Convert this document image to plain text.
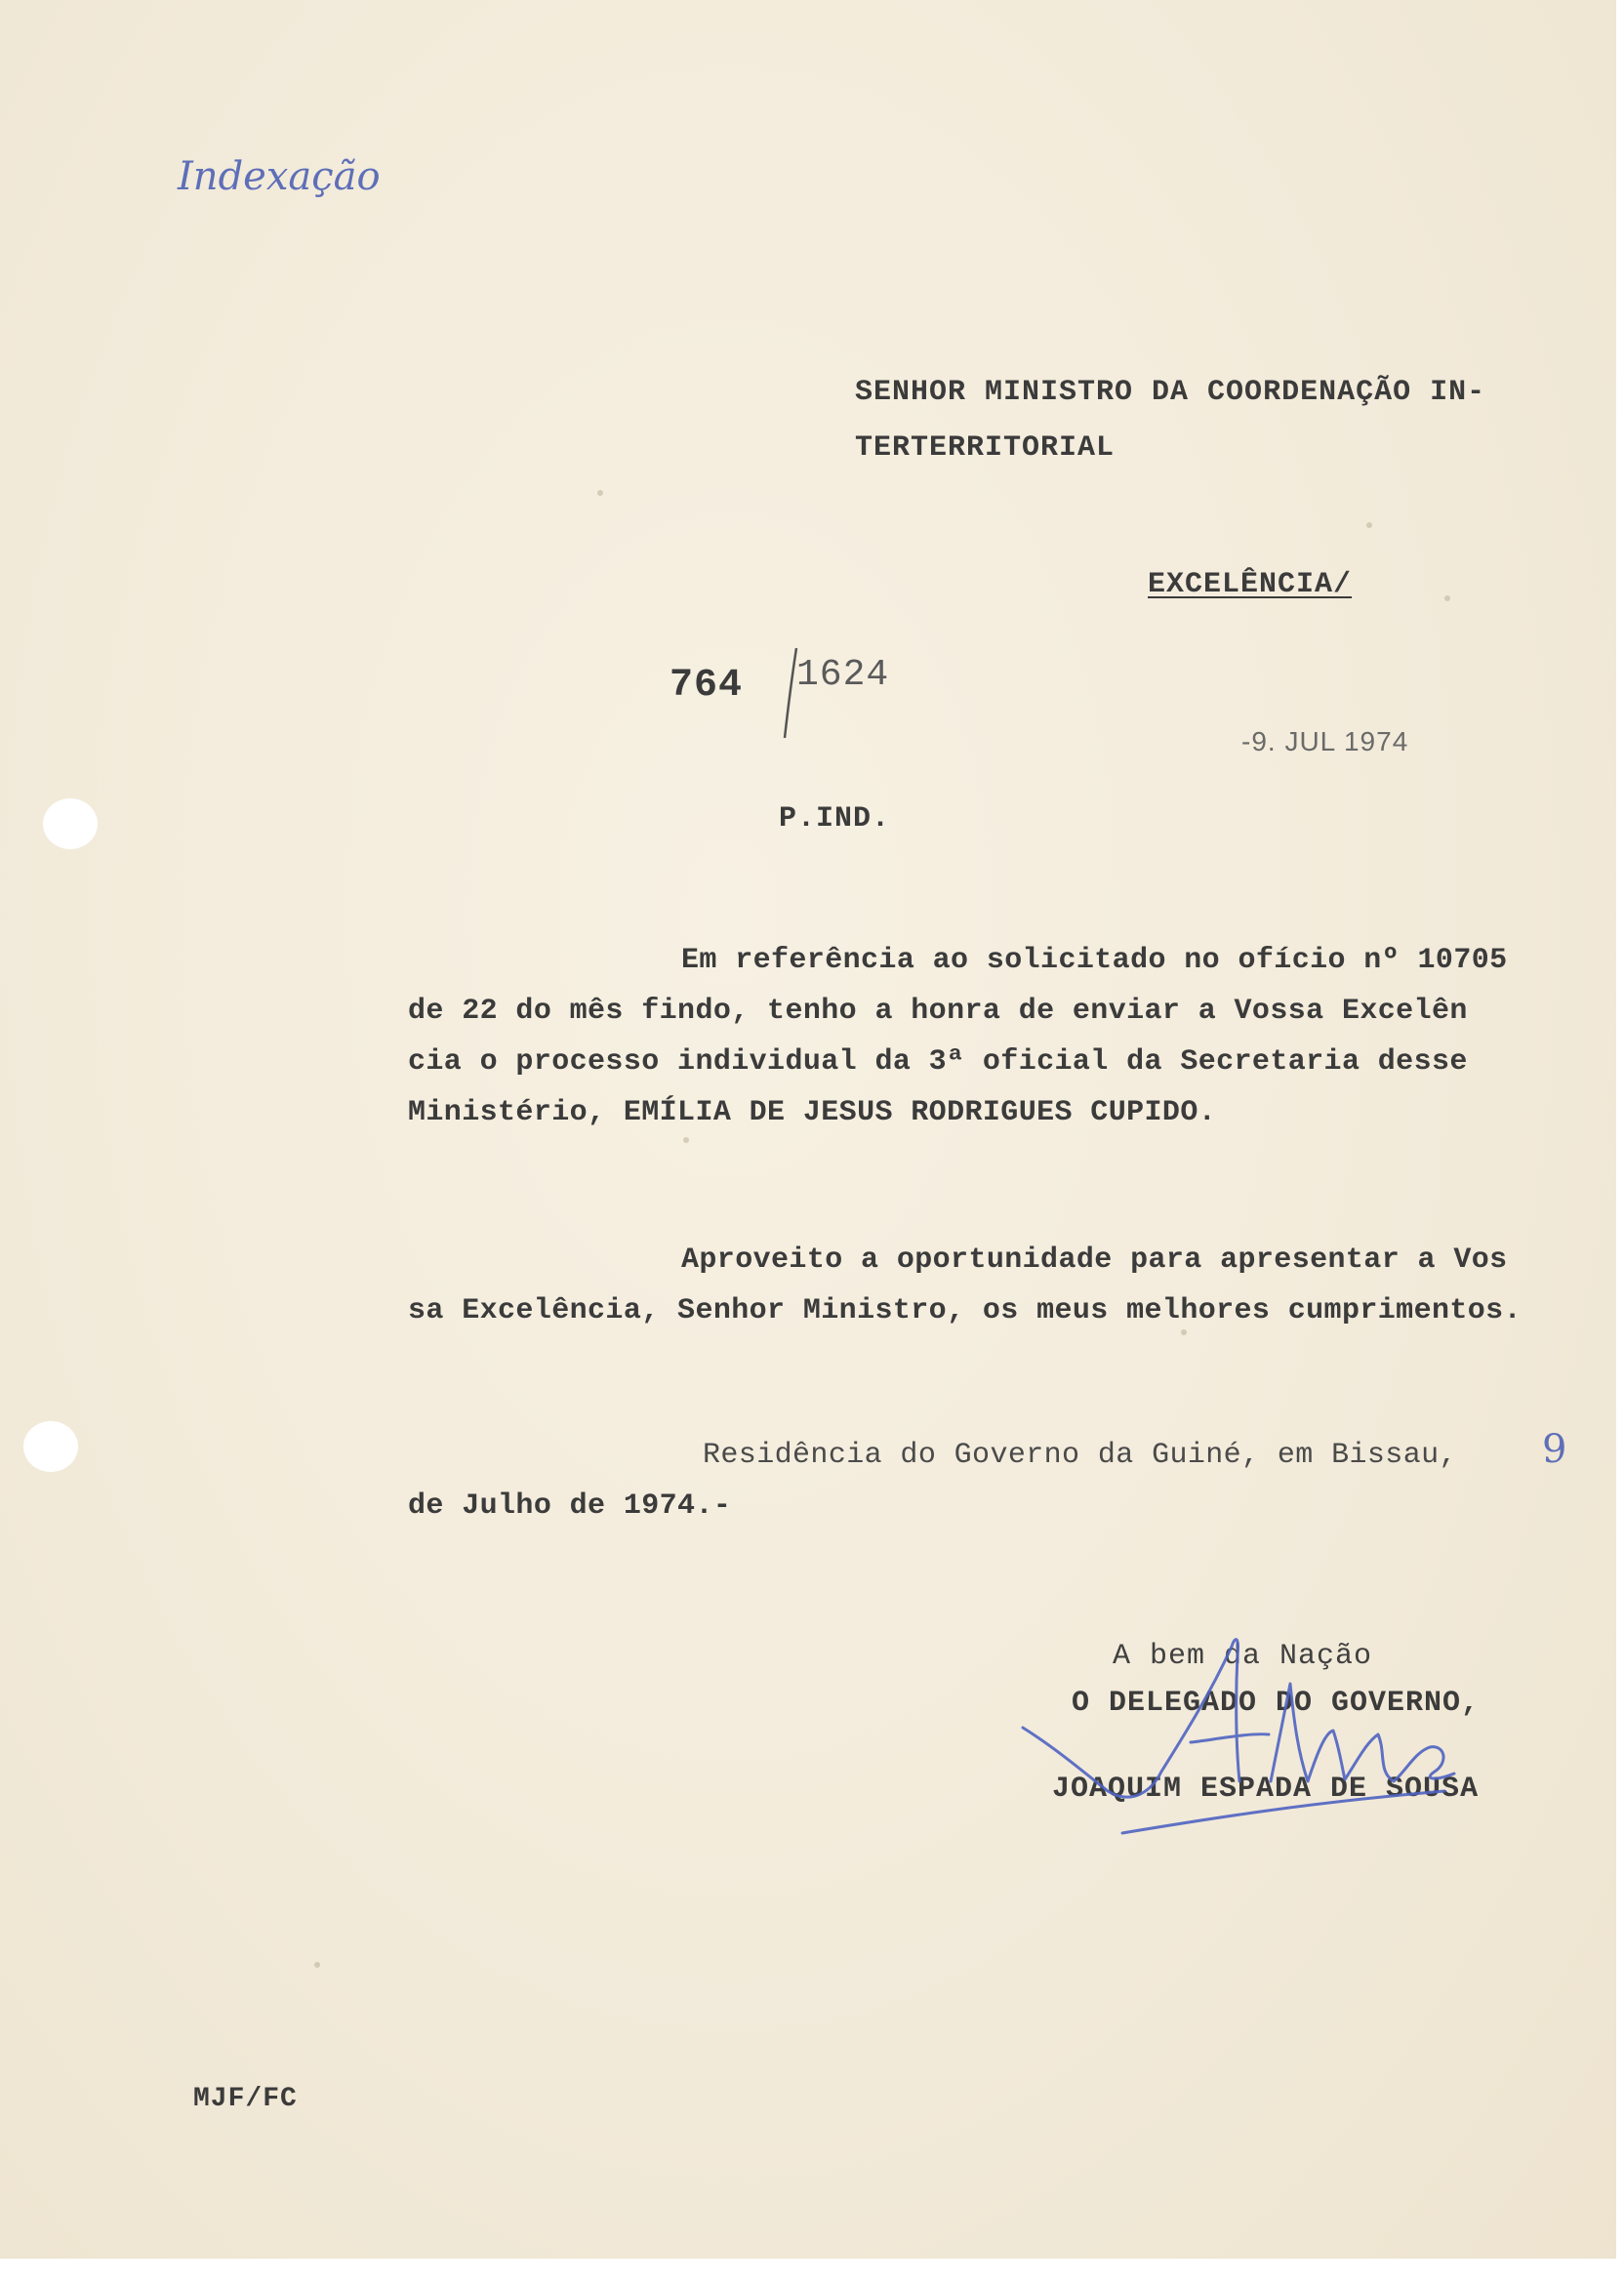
Indexação
SENHOR MINISTRO DA COORDENAÇÃO IN-
TERTERRITORIAL
EXCELÊNCIA/
764 1624
-9. JUL 1974
P.IND.
Em referência ao solicitado no ofício nº 10705
de 22 do mês findo, tenho a honra de enviar a Vossa Excelên
cia o processo individual da 3ª oficial da Secretaria desse
Ministério, EMÍLIA DE JESUS RODRIGUES CUPIDO.
Aproveito a oportunidade para apresentar a Vos
sa Excelência, Senhor Ministro, os meus melhores cumprimentos.
Residência do Governo da Guiné, em Bissau, 9
de Julho de 1974.-
A bem da Nação
O DELEGADO DO GOVERNO,
JOAQUIM ESPADA DE SOUSA
MJF/FC
